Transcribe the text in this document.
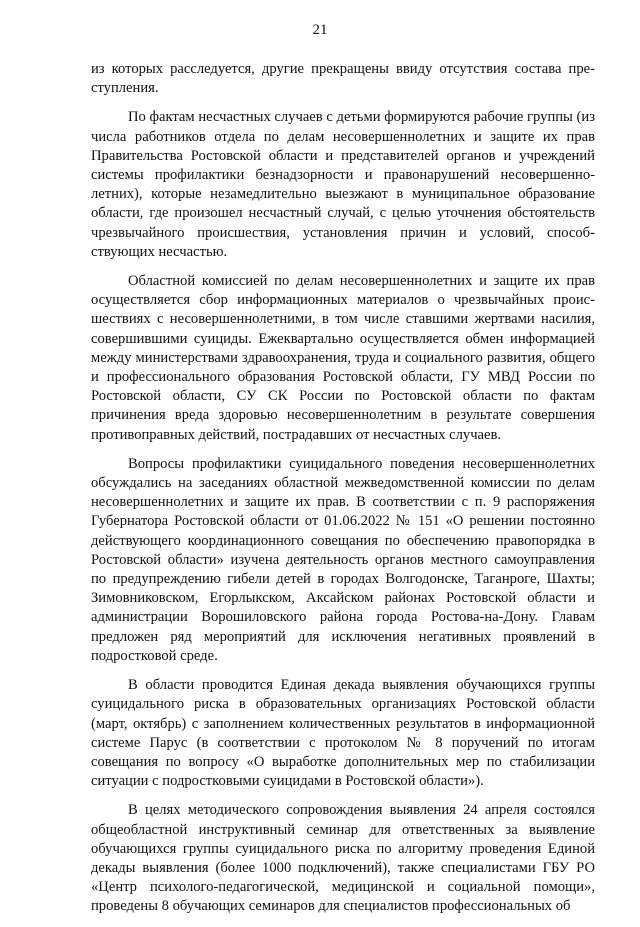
21

из которых расследуется, другие прекращены ввиду отсутствия состава преступления.

По фактам несчастных случаев с детьми формируются рабочие группы (из числа работников отдела по делам несовершеннолетних и защите их прав Правительства Ростовской области и представителей органов и учреждений системы профилактики безнадзорности и правонарушений несовершеннолетних), которые незамедлительно выезжают в муниципальное образование области, где произошел несчастный случай, с целью уточнения обстоятельств чрезвычайного происшествия, установления причин и условий, способствующих несчастью.

Областной комиссией по делам несовершеннолетних и защите их прав осуществляется сбор информационных материалов о чрезвычайных происшествиях с несовершеннолетними, в том числе ставшими жертвами насилия, совершившими суициды. Ежеквартально осуществляется обмен информацией между министерствами здравоохранения, труда и социального развития, общего и профессионального образования Ростовской области, ГУ МВД России по Ростовской области, СУ СК России по Ростовской области по фактам причинения вреда здоровью несовершеннолетним в результате совершения противоправных действий, пострадавших от несчастных случаев.

Вопросы профилактики суицидального поведения несовершеннолетних обсуждались на заседаниях областной межведомственной комиссии по делам несовершеннолетних и защите их прав. В соответствии с п. 9 распоряжения Губернатора Ростовской области от 01.06.2022 № 151 «О решении постоянно действующего координационного совещания по обеспечению правопорядка в Ростовской области» изучена деятельность органов местного самоуправления по предупреждению гибели детей в городах Волгодонске, Таганроге, Шахты; Зимовниковском, Егорлыкском, Аксайском районах Ростовской области и администрации Ворошиловского района города Ростова-на-Дону. Главам предложен ряд мероприятий для исключения негативных проявлений в подростковой среде.

В области проводится Единая декада выявления обучающихся группы суицидального риска в образовательных организациях Ростовской области (март, октябрь) с заполнением количественных результатов в информационной системе Парус (в соответствии с протоколом № 8 поручений по итогам совещания по вопросу «О выработке дополнительных мер по стабилизации ситуации с подростковыми суицидами в Ростовской области»).

В целях методического сопровождения выявления 24 апреля состоялся общеобластной инструктивный семинар для ответственных за выявление обучающихся группы суицидального риска по алгоритму проведения Единой декады выявления (более 1000 подключений), также специалистами ГБУ РО «Центр психолого-педагогической, медицинской и социальной помощи», проведены 8 обучающих семинаров для специалистов профессиональных об
